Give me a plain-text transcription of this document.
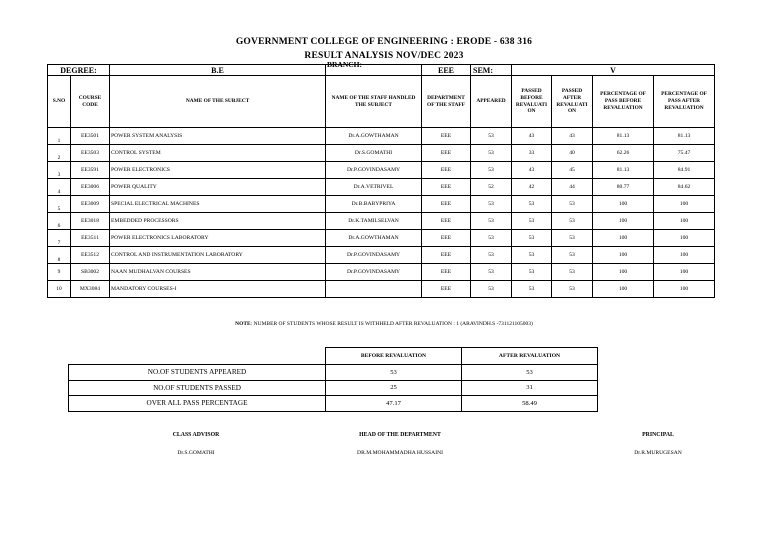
GOVERNMENT COLLEGE OF ENGINEERING : ERODE - 638 316
RESULT ANALYSIS NOV/DEC 2023
BRANCH:
DEGREE:		B.E		EEE	SEM:	V			
S.NO	COURSE CODE	NAME OF THE SUBJECT	NAME OF THE STAFF HANDLED THE SUBJECT	DEPARTMENT OF THE STAFF	APPEARED	PASSED BEFORE REVALUATI ON	PASSED AFTER REVALUATI ON	PERCENTAGE OF PASS BEFORE REVALUATION	PERCENTAGE OF PASS AFTER REVALUATION
1	EE3501	POWER SYSTEM ANALYSIS	Dr.A.GOWTHAMAN	EEE	53	43	43	81.13	81.13
2	EE3503	CONTROL SYSTEM	Dr.S.GOMATHI	EEE	53	33	40	62.26	75.47
3	EE3591	POWER ELECTRONICS	Dr.P.GOVINDASAMY	EEE	53	43	45	81.13	84.91
4	EE3006	POWER QUALITY	Dr.A.VETRIVEL	EEE	52	42	44	80.77	84.62
5	EE3009	SPECIAL ELECTRICAL MACHINES	Dr.B.BABYPRIYA	EEE	53	53	53	100	100
6	EE3018	EMBEDDED PROCESSORS	Dr.K.TAMILSELVAN	EEE	53	53	53	100	100
7	EE3511	POWER ELECTRONICS LABORATORY	Dr.A.GOWTHAMAN	EEE	53	53	53	100	100
8	EE3512	CONTROL AND INSTRUMENTATION LABORATORY	Dr.P.GOVINDASAMY	EEE	53	53	53	100	100
9	SB3002	NAAN MUDHALVAN COURSES	Dr.P.GOVINDASAMY	EEE	53	53	53	100	100
10	MX3084	MANDATORY COURSES-I		EEE	53	53	53	100	100
NOTE: NUMBER OF STUDENTS WHOSE RESULT IS WITHHELD AFTER REVALUATION : 1 (ARAVINDH.S -731121105003)
	BEFORE REVALUATION	AFTER REVALUATION
NO.OF STUDENTS APPEARED	53	53
NO.OF STUDENTS PASSED	25	31
OVER ALL PASS PERCENTAGE	47.17	58.49
CLASS ADVISOR
Dr.S.GOMATHI
HEAD OF THE DEPARTMENT
DR.M.MOHAMMADHA HUSSAINI
PRINCIPAL
Dr.R.MURUGESAN
